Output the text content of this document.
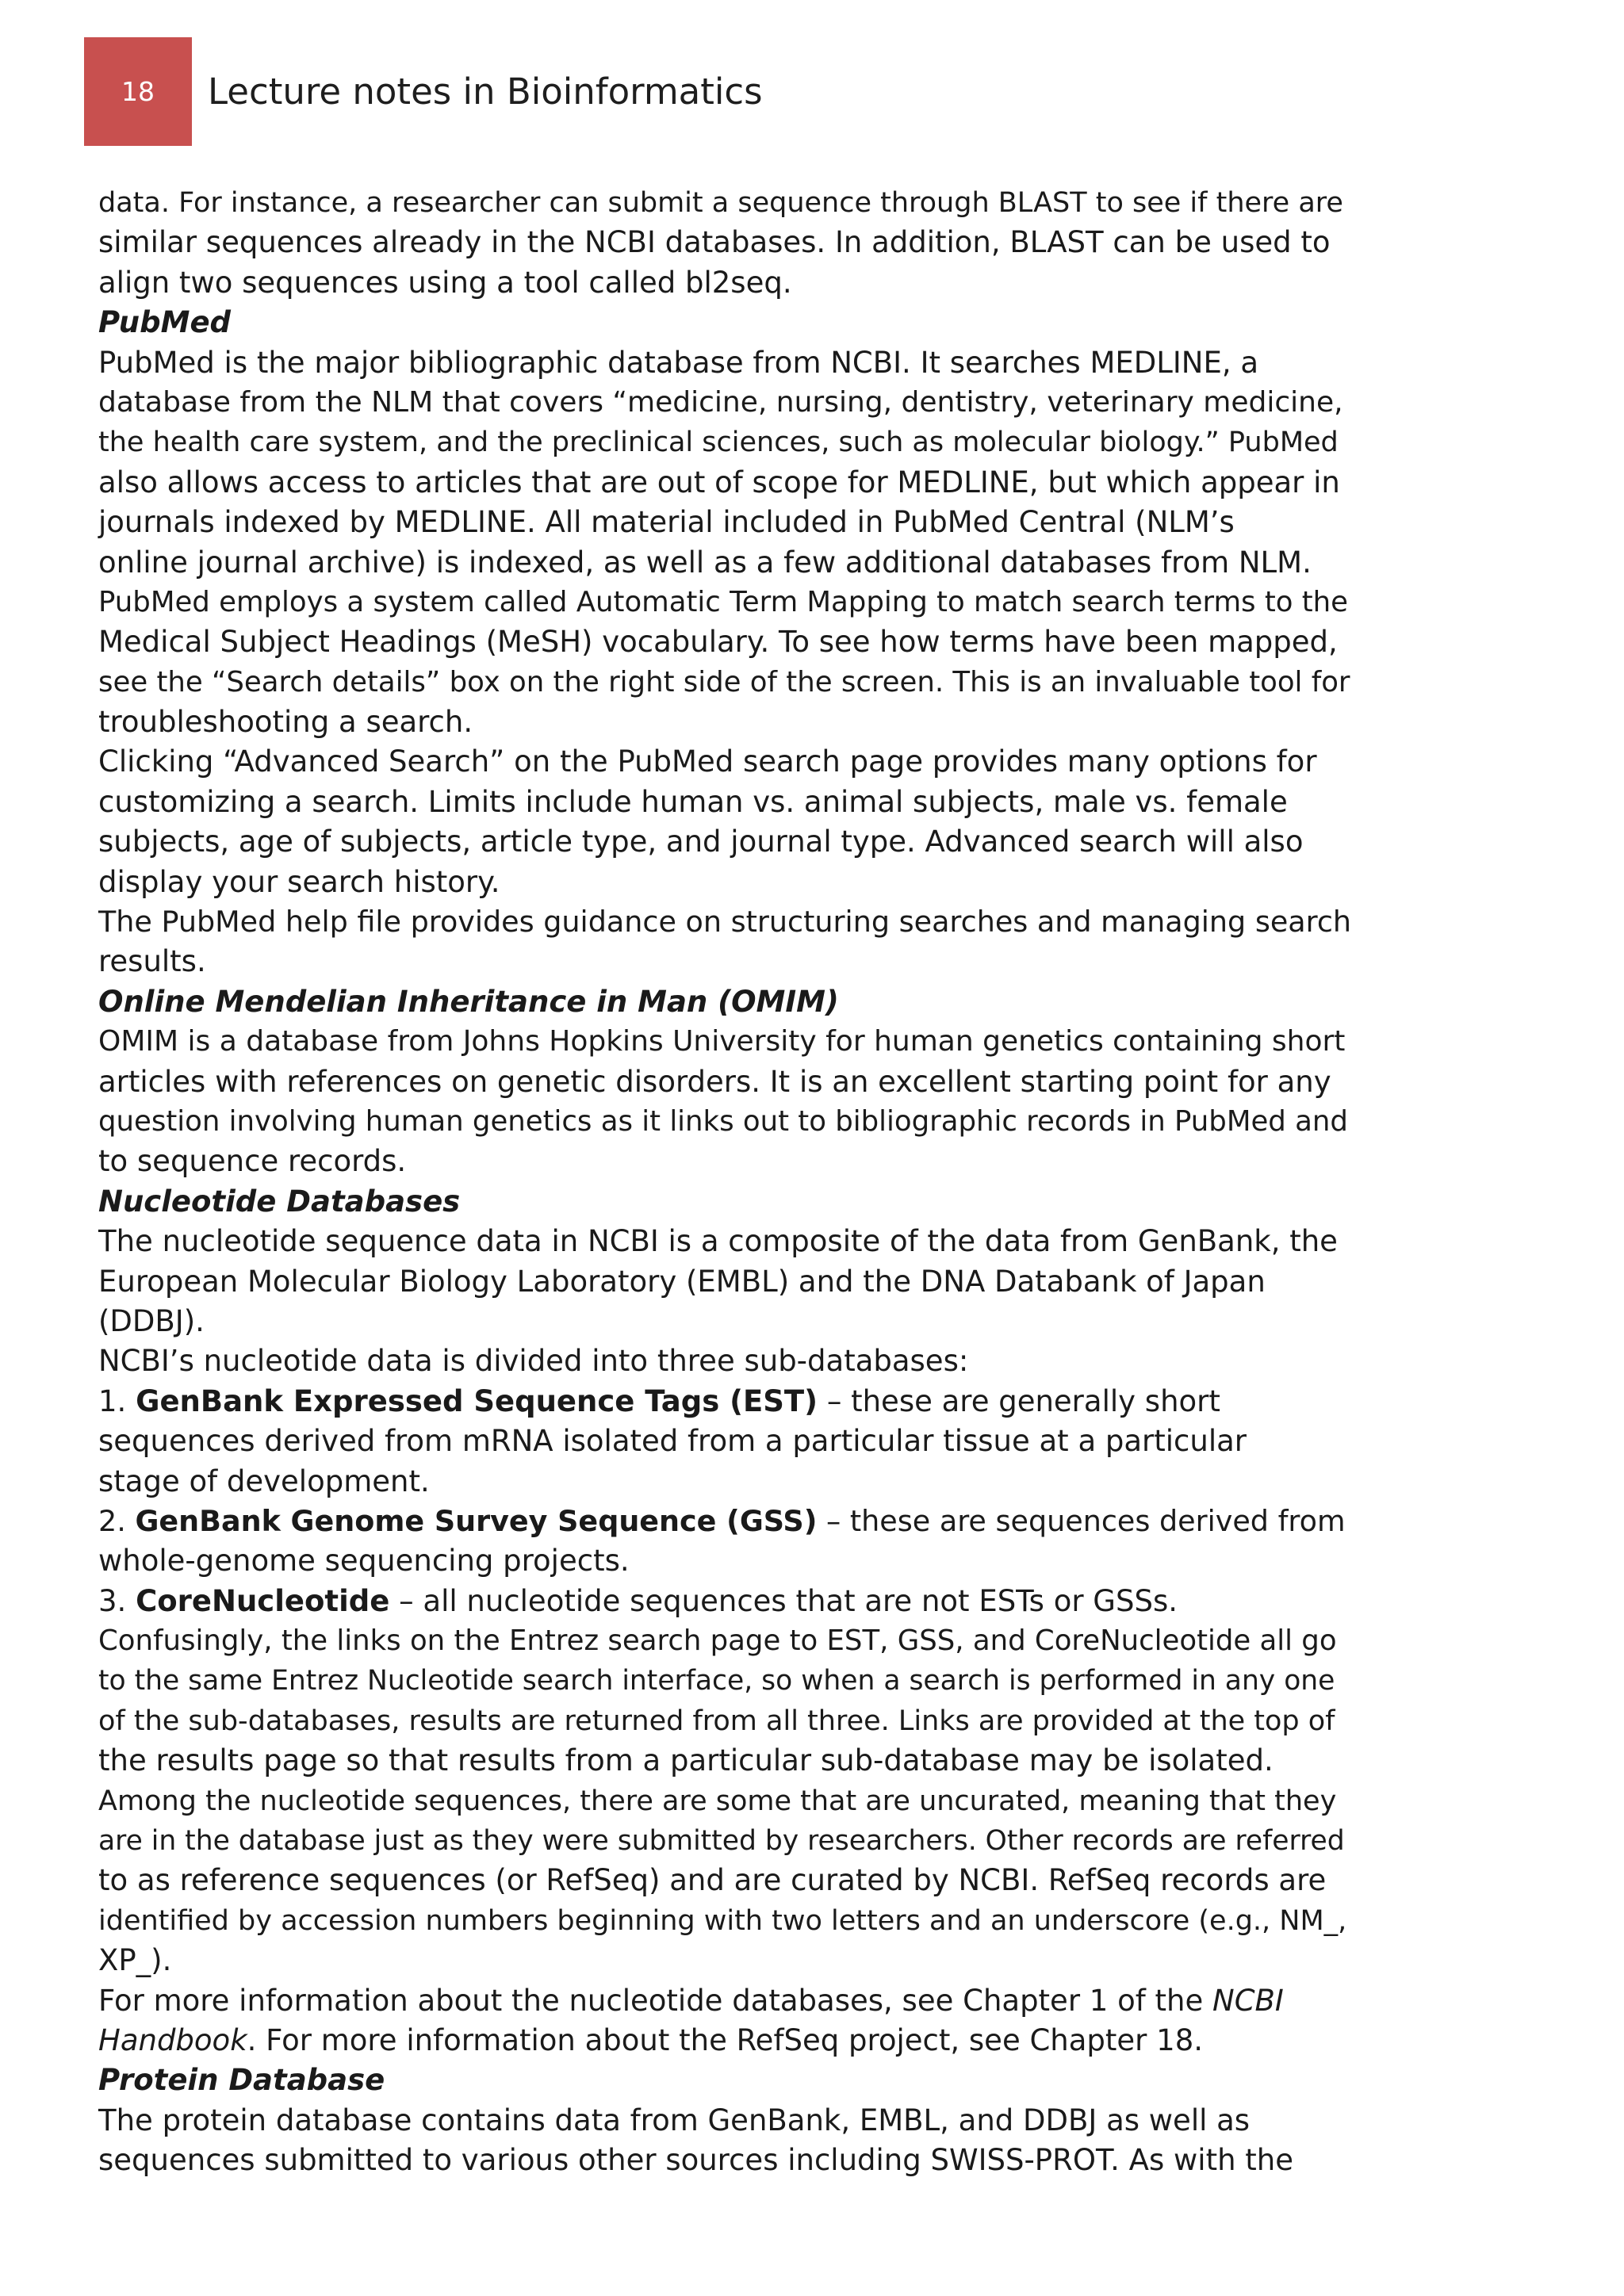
18 Lecture notes in Bioinformatics
data. For instance, a researcher can submit a sequence through BLAST to see if there are
similar sequences already in the NCBI databases. In addition, BLAST can be used to
align two sequences using a tool called bl2seq.
PubMed
PubMed is the major bibliographic database from NCBI. It searches MEDLINE, a
database from the NLM that covers “medicine, nursing, dentistry, veterinary medicine,
the health care system, and the preclinical sciences, such as molecular biology.” PubMed
also allows access to articles that are out of scope for MEDLINE, but which appear in
journals indexed by MEDLINE. All material included in PubMed Central (NLM’s
online journal archive) is indexed, as well as a few additional databases from NLM.
PubMed employs a system called Automatic Term Mapping to match search terms to the
Medical Subject Headings (MeSH) vocabulary. To see how terms have been mapped,
see the “Search details” box on the right side of the screen. This is an invaluable tool for
troubleshooting a search.
Clicking “Advanced Search” on the PubMed search page provides many options for
customizing a search. Limits include human vs. animal subjects, male vs. female
subjects, age of subjects, article type, and journal type. Advanced search will also
display your search history.
The PubMed help file provides guidance on structuring searches and managing search
results.
Online Mendelian Inheritance in Man (OMIM)
OMIM is a database from Johns Hopkins University for human genetics containing short
articles with references on genetic disorders. It is an excellent starting point for any
question involving human genetics as it links out to bibliographic records in PubMed and
to sequence records.
Nucleotide Databases
The nucleotide sequence data in NCBI is a composite of the data from GenBank, the
European Molecular Biology Laboratory (EMBL) and the DNA Databank of Japan
(DDBJ).
NCBI’s nucleotide data is divided into three sub-databases:
1. GenBank Expressed Sequence Tags (EST) – these are generally short
sequences derived from mRNA isolated from a particular tissue at a particular
stage of development.
2. GenBank Genome Survey Sequence (GSS) – these are sequences derived from
whole-genome sequencing projects.
3. CoreNucleotide – all nucleotide sequences that are not ESTs or GSSs.
Confusingly, the links on the Entrez search page to EST, GSS, and CoreNucleotide all go
to the same Entrez Nucleotide search interface, so when a search is performed in any one
of the sub-databases, results are returned from all three. Links are provided at the top of
the results page so that results from a particular sub-database may be isolated.
Among the nucleotide sequences, there are some that are uncurated, meaning that they
are in the database just as they were submitted by researchers. Other records are referred
to as reference sequences (or RefSeq) and are curated by NCBI. RefSeq records are
identified by accession numbers beginning with two letters and an underscore (e.g., NM_,
XP_).
For more information about the nucleotide databases, see Chapter 1 of the NCBI
Handbook. For more information about the RefSeq project, see Chapter 18.
Protein Database
The protein database contains data from GenBank, EMBL, and DDBJ as well as
sequences submitted to various other sources including SWISS-PROT. As with the
